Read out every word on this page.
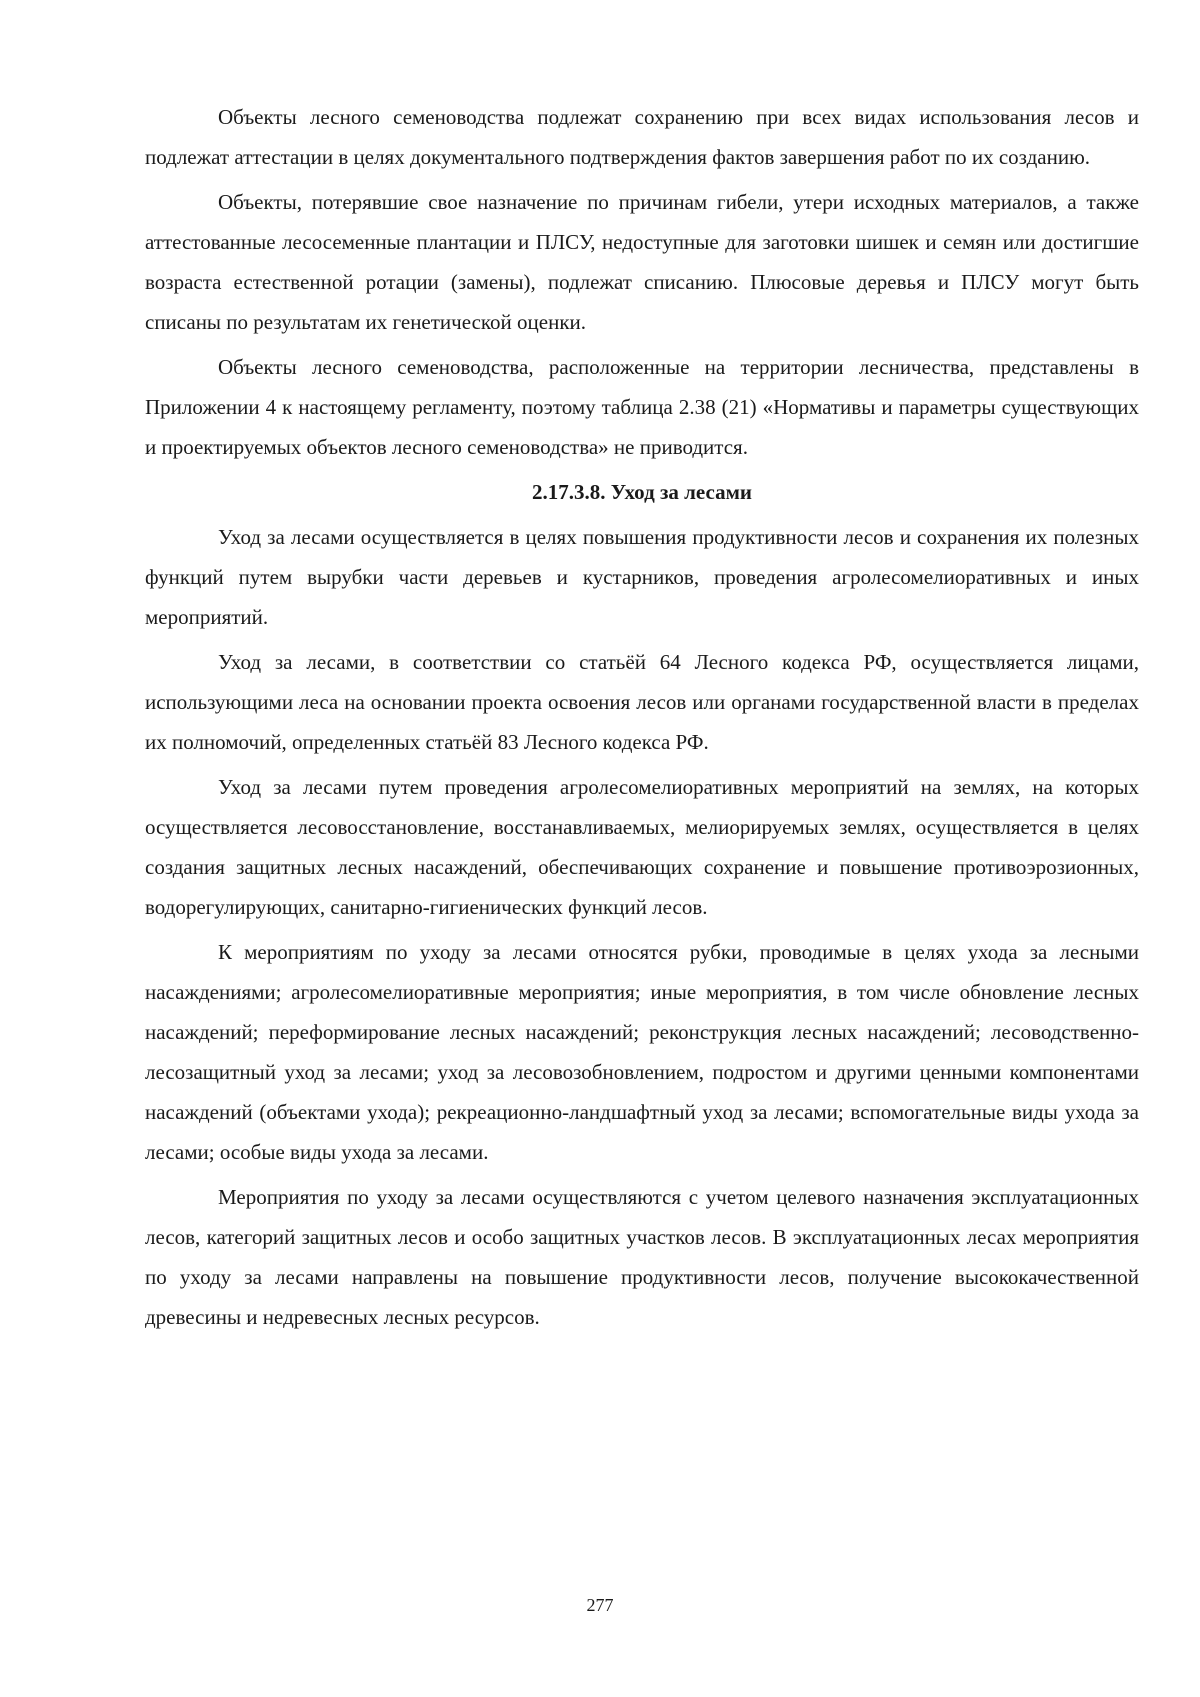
Объекты лесного семеноводства подлежат сохранению при всех видах использования лесов и подлежат аттестации в целях документального подтверждения фактов завершения работ по их созданию.

Объекты, потерявшие свое назначение по причинам гибели, утери исходных материалов, а также аттестованные лесосеменные плантации и ПЛСУ, недоступные для заготовки шишек и семян или достигшие возраста естественной ротации (замены), подлежат списанию. Плюсовые деревья и ПЛСУ могут быть списаны по результатам их генетической оценки.

Объекты лесного семеноводства, расположенные на территории лесничества, представлены в Приложении 4 к настоящему регламенту, поэтому таблица 2.38 (21) «Нормативы и параметры существующих и проектируемых объектов лесного семеноводства» не приводится.

2.17.3.8. Уход за лесами

Уход за лесами осуществляется в целях повышения продуктивности лесов и сохранения их полезных функций путем вырубки части деревьев и кустарников, проведения агролесомелиоративных и иных мероприятий.

Уход за лесами, в соответствии со статьёй 64 Лесного кодекса РФ, осуществляется лицами, использующими леса на основании проекта освоения лесов или органами государственной власти в пределах их полномочий, определенных статьёй 83 Лесного кодекса РФ.

Уход за лесами путем проведения агролесомелиоративных мероприятий на землях, на которых осуществляется лесовосстановление, восстанавливаемых, мелиорируемых землях, осуществляется в целях создания защитных лесных насаждений, обеспечивающих сохранение и повышение противоэрозионных, водорегулирующих, санитарно-гигиенических функций лесов.

К мероприятиям по уходу за лесами относятся рубки, проводимые в целях ухода за лесными насаждениями; агролесомелиоративные мероприятия; иные мероприятия, в том числе обновление лесных насаждений; переформирование лесных насаждений; реконструкция лесных насаждений; лесоводственно-лесозащитный уход за лесами; уход за лесовозобновлением, подростом и другими ценными компонентами насаждений (объектами ухода); рекреационно-ландшафтный уход за лесами; вспомогательные виды ухода за лесами; особые виды ухода за лесами.

Мероприятия по уходу за лесами осуществляются с учетом целевого назначения эксплуатационных лесов, категорий защитных лесов и особо защитных участков лесов. В эксплуатационных лесах мероприятия по уходу за лесами направлены на повышение продуктивности лесов, получение высококачественной древесины и недревесных лесных ресурсов.

277
